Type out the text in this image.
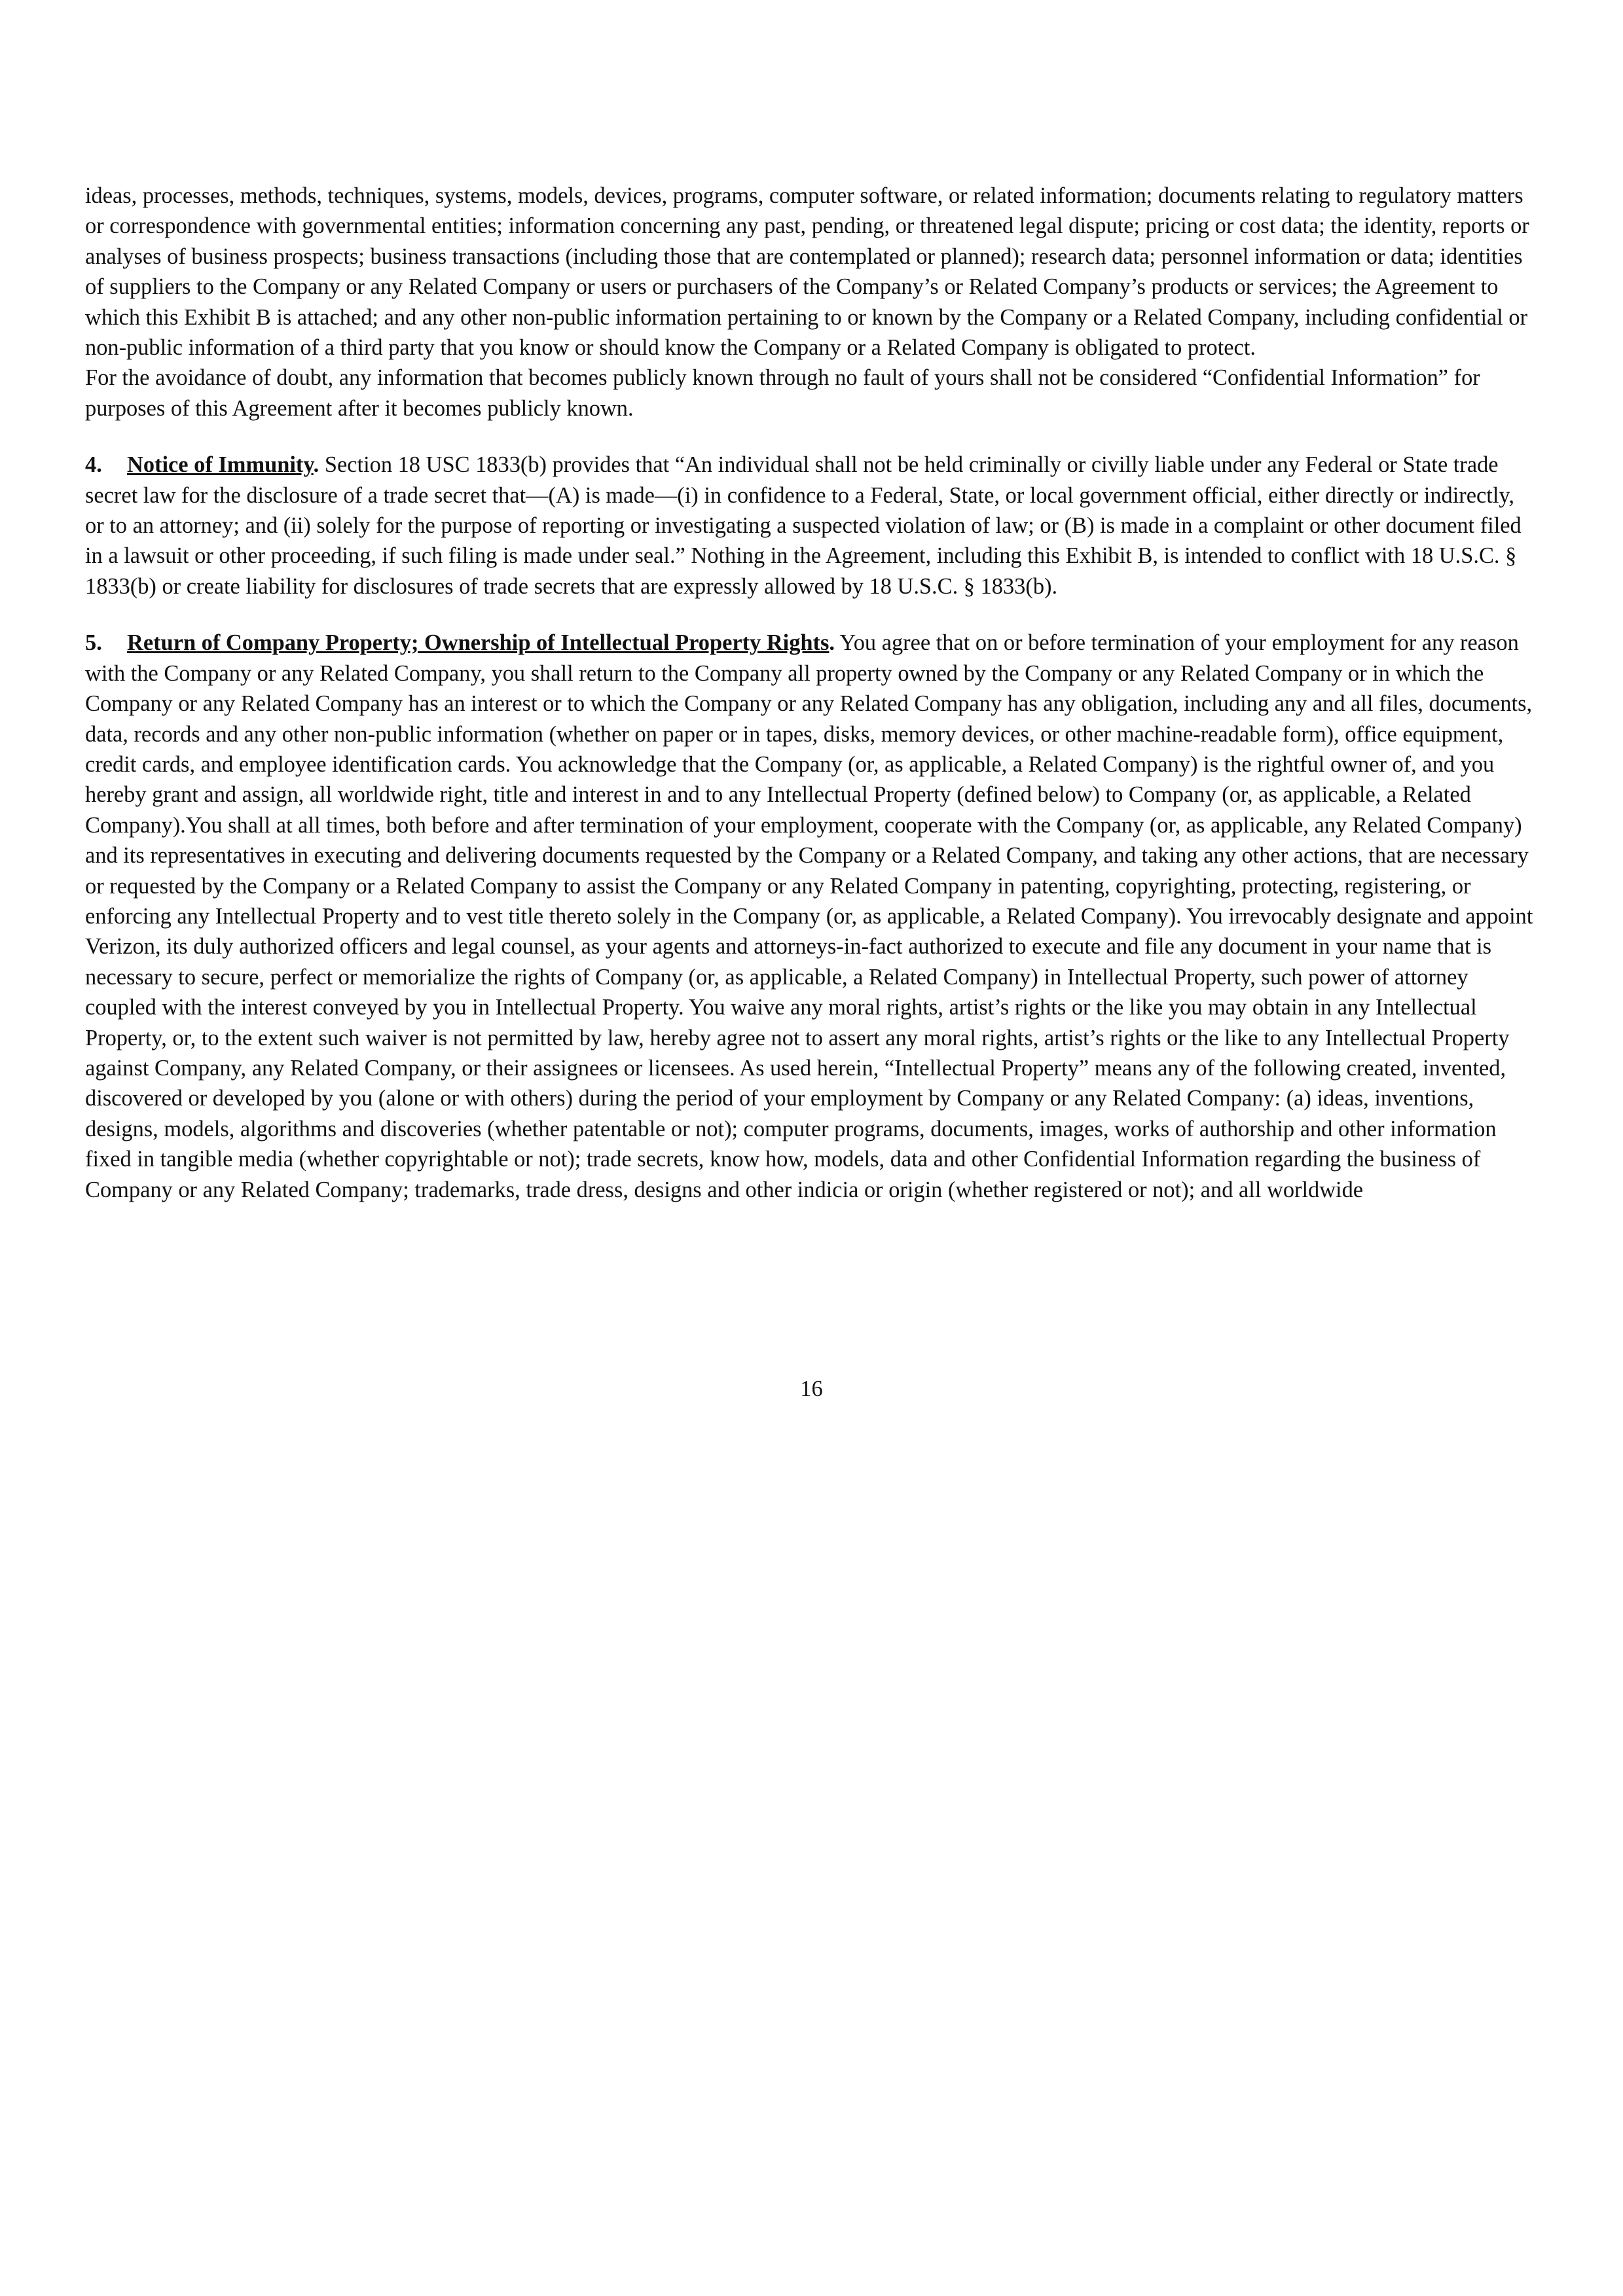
ideas, processes, methods, techniques, systems, models, devices, programs, computer software, or related information; documents relating to regulatory matters or correspondence with governmental entities; information concerning any past, pending, or threatened legal dispute; pricing or cost data; the identity, reports or analyses of business prospects; business transactions (including those that are contemplated or planned); research data; personnel information or data; identities of suppliers to the Company or any Related Company or users or purchasers of the Company’s or Related Company’s products or services; the Agreement to which this Exhibit B is attached; and any other non-public information pertaining to or known by the Company or a Related Company, including confidential or non-public information of a third party that you know or should know the Company or a Related Company is obligated to protect.

For the avoidance of doubt, any information that becomes publicly known through no fault of yours shall not be considered “Confidential Information” for purposes of this Agreement after it becomes publicly known.

4. Notice of Immunity. Section 18 USC 1833(b) provides that “An individual shall not be held criminally or civilly liable under any Federal or State trade secret law for the disclosure of a trade secret that—(A) is made—(i) in confidence to a Federal, State, or local government official, either directly or indirectly, or to an attorney; and (ii) solely for the purpose of reporting or investigating a suspected violation of law; or (B) is made in a complaint or other document filed in a lawsuit or other proceeding, if such filing is made under seal.” Nothing in the Agreement, including this Exhibit B, is intended to conflict with 18 U.S.C. § 1833(b) or create liability for disclosures of trade secrets that are expressly allowed by 18 U.S.C. § 1833(b).

5. Return of Company Property; Ownership of Intellectual Property Rights. You agree that on or before termination of your employment for any reason with the Company or any Related Company, you shall return to the Company all property owned by the Company or any Related Company or in which the Company or any Related Company has an interest or to which the Company or any Related Company has any obligation, including any and all files, documents, data, records and any other non-public information (whether on paper or in tapes, disks, memory devices, or other machine-readable form), office equipment, credit cards, and employee identification cards. You acknowledge that the Company (or, as applicable, a Related Company) is the rightful owner of, and you hereby grant and assign, all worldwide right, title and interest in and to any Intellectual Property (defined below) to Company (or, as applicable, a Related Company).You shall at all times, both before and after termination of your employment, cooperate with the Company (or, as applicable, any Related Company) and its representatives in executing and delivering documents requested by the Company or a Related Company, and taking any other actions, that are necessary or requested by the Company or a Related Company to assist the Company or any Related Company in patenting, copyrighting, protecting, registering, or enforcing any Intellectual Property and to vest title thereto solely in the Company (or, as applicable, a Related Company). You irrevocably designate and appoint Verizon, its duly authorized officers and legal counsel, as your agents and attorneys-in-fact authorized to execute and file any document in your name that is necessary to secure, perfect or memorialize the rights of Company (or, as applicable, a Related Company) in Intellectual Property, such power of attorney coupled with the interest conveyed by you in Intellectual Property. You waive any moral rights, artist’s rights or the like you may obtain in any Intellectual Property, or, to the extent such waiver is not permitted by law, hereby agree not to assert any moral rights, artist’s rights or the like to any Intellectual Property against Company, any Related Company, or their assignees or licensees. As used herein, “Intellectual Property” means any of the following created, invented, discovered or developed by you (alone or with others) during the period of your employment by Company or any Related Company: (a) ideas, inventions, designs, models, algorithms and discoveries (whether patentable or not); computer programs, documents, images, works of authorship and other information fixed in tangible media (whether copyrightable or not); trade secrets, know how, models, data and other Confidential Information regarding the business of Company or any Related Company; trademarks, trade dress, designs and other indicia or origin (whether registered or not); and all worldwide

16
